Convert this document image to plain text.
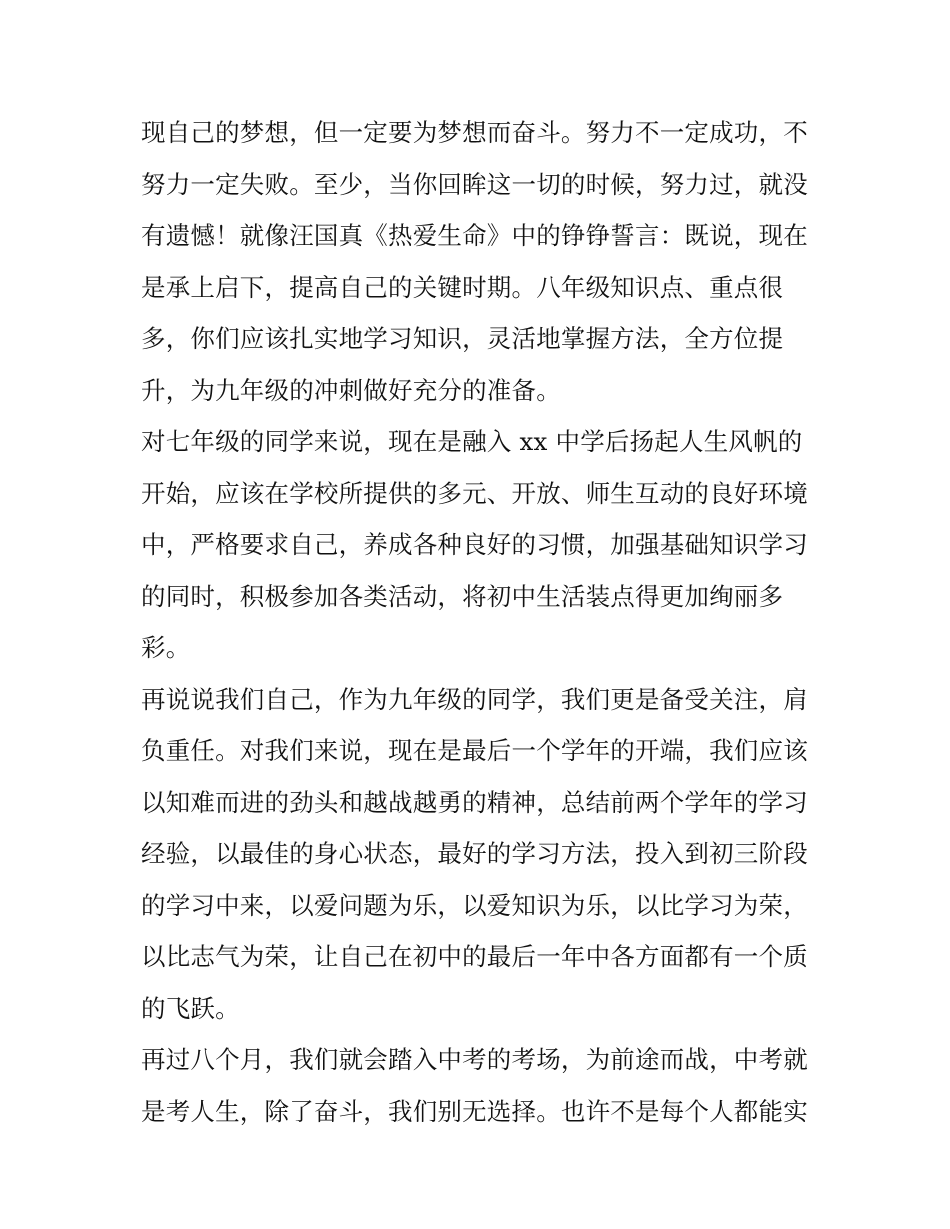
现自己的梦想，但一定要为梦想而奋斗。努力不一定成功，不
努力一定失败。至少，当你回眸这一切的时候，努力过，就没
有遗憾！就像汪国真《热爱生命》中的铮铮誓言：既说，现在
是承上启下，提高自己的关键时期。八年级知识点、重点很
多，你们应该扎实地学习知识，灵活地掌握方法，全方位提
升，为九年级的冲刺做好充分的准备。
对七年级的同学来说，现在是融入 xx 中学后扬起人生风帆的
开始，应该在学校所提供的多元、开放、师生互动的良好环境
中，严格要求自己，养成各种良好的习惯，加强基础知识学习
的同时，积极参加各类活动，将初中生活装点得更加绚丽多
彩。
再说说我们自己，作为九年级的同学，我们更是备受关注，肩
负重任。对我们来说，现在是最后一个学年的开端，我们应该
以知难而进的劲头和越战越勇的精神，总结前两个学年的学习
经验，以最佳的身心状态，最好的学习方法，投入到初三阶段
的学习中来，以爱问题为乐，以爱知识为乐，以比学习为荣，
以比志气为荣，让自己在初中的最后一年中各方面都有一个质
的飞跃。
再过八个月，我们就会踏入中考的考场，为前途而战，中考就
是考人生，除了奋斗，我们别无选择。也许不是每个人都能实
